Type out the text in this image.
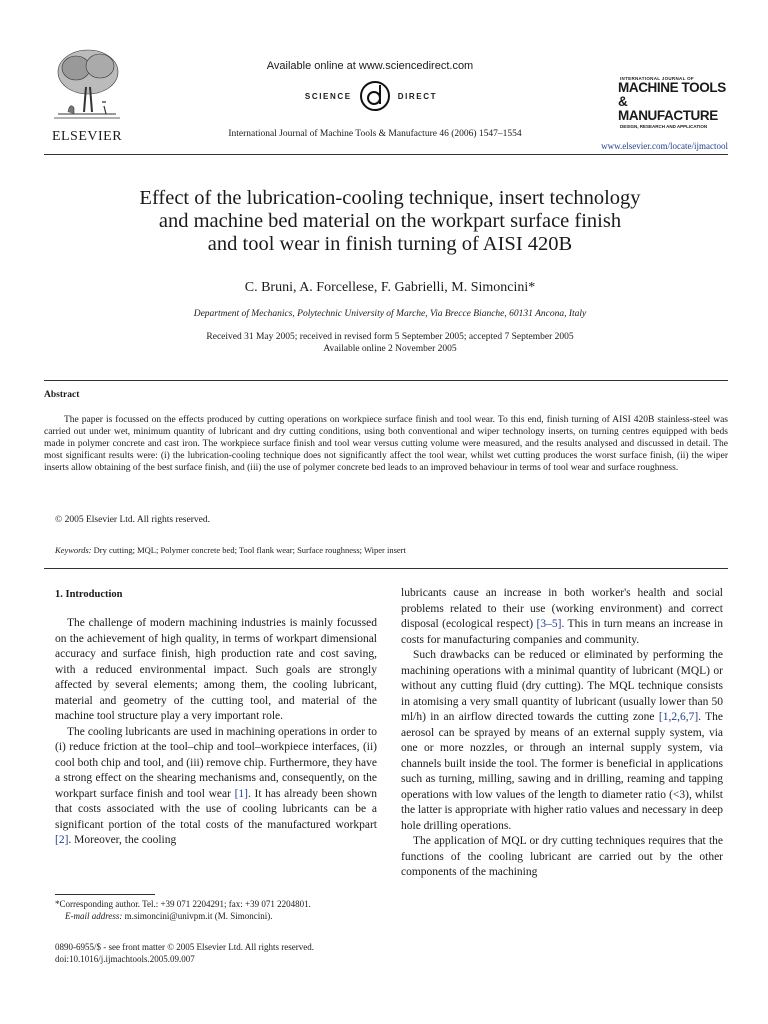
ELSEVIER
Available online at www.sciencedirect.com
SCIENCE	DIRECT
International Journal of Machine Tools & Manufacture 46 (2006) 1547–1554
INTERNATIONAL JOURNAL OF
MACHINE TOOLS
& MANUFACTURE
DESIGN, RESEARCH AND APPLICATION
www.elsevier.com/locate/ijmactool
Effect of the lubrication-cooling technique, insert technology
and machine bed material on the workpart surface finish
and tool wear in finish turning of AISI 420B
C. Bruni, A. Forcellese, F. Gabrielli, M. Simoncini*
Department of Mechanics, Polytechnic University of Marche, Via Brecce Bianche, 60131 Ancona, Italy
Received 31 May 2005; received in revised form 5 September 2005; accepted 7 September 2005
Available online 2 November 2005
Abstract
The paper is focussed on the effects produced by cutting operations on workpiece surface finish and tool wear. To this end, finish turning of AISI 420B stainless-steel was carried out under wet, minimum quantity of lubricant and dry cutting conditions, using both conventional and wiper technology inserts, on turning centres equipped with beds made in polymer concrete and cast iron. The workpiece surface finish and tool wear versus cutting volume were measured, and the results analysed and discussed in detail. The most significant results were: (i) the lubrication-cooling technique does not significantly affect the tool wear, whilst wet cutting produces the worst surface finish, (ii) the wiper inserts allow obtaining of the best surface finish, and (iii) the use of polymer concrete bed leads to an improved behaviour in terms of tool wear and surface roughness.
© 2005 Elsevier Ltd. All rights reserved.
Keywords: Dry cutting; MQL; Polymer concrete bed; Tool flank wear; Surface roughness; Wiper insert
1. Introduction

The challenge of modern machining industries is mainly focussed on the achievement of high quality, in terms of workpart dimensional accuracy and surface finish, high production rate and cost saving, with a reduced environmental impact. Such goals are strongly affected by several elements; among them, the cooling lubricant, material and geometry of the cutting tool, and material of the machine tool structure play a very important role.

The cooling lubricants are used in machining operations in order to (i) reduce friction at the tool–chip and tool–workpiece interfaces, (ii) cool both chip and tool, and (iii) remove chip. Furthermore, they have a strong effect on the shearing mechanisms and, consequently, on the workpart surface finish and tool wear [1]. It has already been shown that costs associated with the use of cooling lubricants can be a significant portion of the total costs of the manufactured workpart [2]. Moreover, the cooling

lubricants cause an increase in both worker's health and social problems related to their use (working environment) and correct disposal (ecological respect) [3–5]. This in turn means an increase in costs for manufacturing companies and community.

Such drawbacks can be reduced or eliminated by performing the machining operations with a minimal quantity of lubricant (MQL) or without any cutting fluid (dry cutting). The MQL technique consists in atomising a very small quantity of lubricant (usually lower than 50 ml/h) in an airflow directed towards the cutting zone [1,2,6,7]. The aerosol can be sprayed by means of an external supply system, via one or more nozzles, or through an internal supply system, via channels built inside the tool. The former is beneficial in applications such as turning, milling, sawing and in drilling, reaming and tapping operations with low values of the length to diameter ratio (<3), whilst the latter is appropriate with higher ratio values and necessary in deep hole drilling operations.

The application of MQL or dry cutting techniques requires that the functions of the cooling lubricant are carried out by the other components of the machining

*Corresponding author. Tel.: +39 071 2204291; fax: +39 071 2204801.
E-mail address: m.simoncini@univpm.it (M. Simoncini).
0890-6955/$ - see front matter © 2005 Elsevier Ltd. All rights reserved.
doi:10.1016/j.ijmachtools.2005.09.007
